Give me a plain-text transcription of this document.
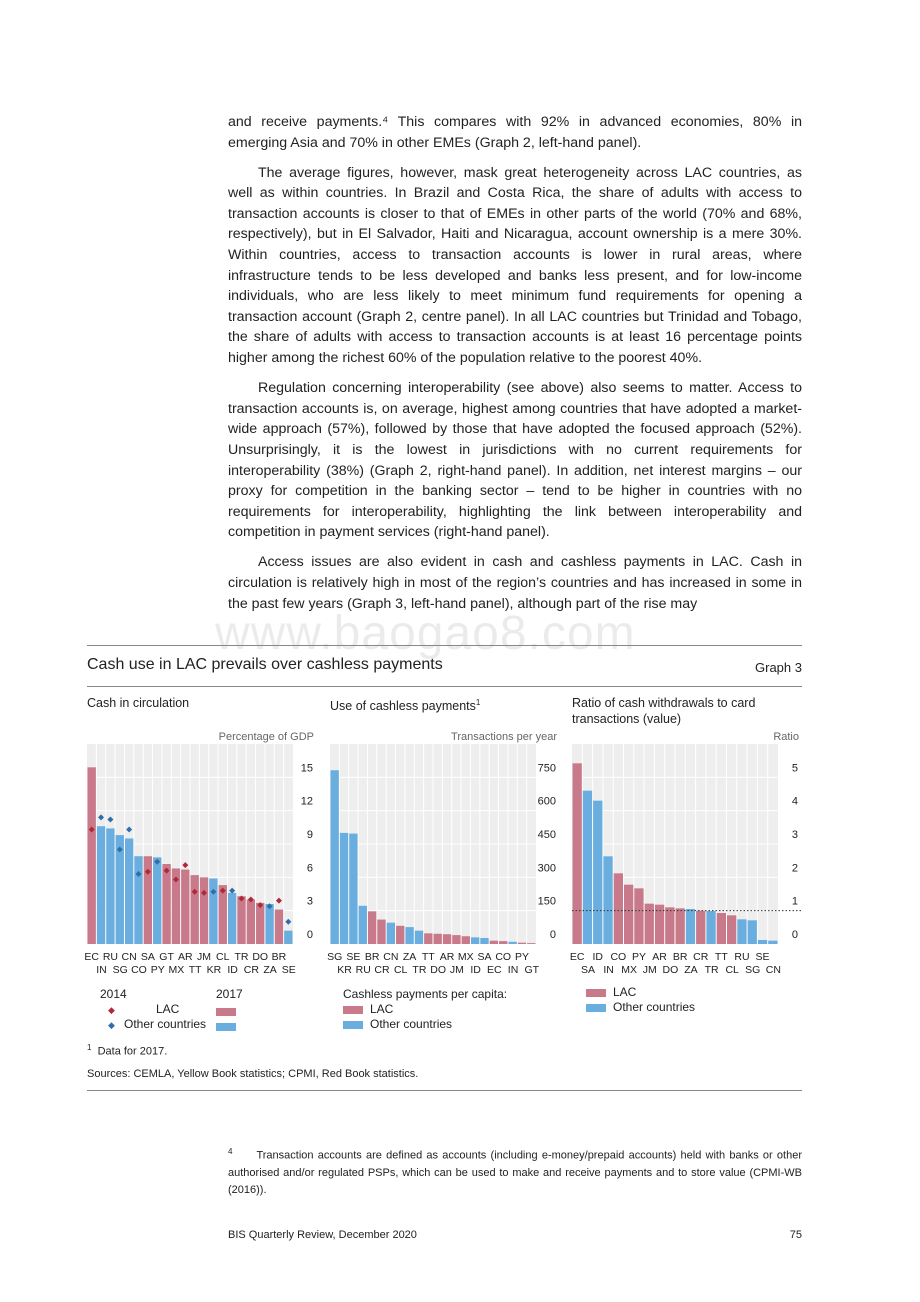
and receive payments.⁴ This compares with 92% in advanced economies, 80% in emerging Asia and 70% in other EMEs (Graph 2, left-hand panel).

The average figures, however, mask great heterogeneity across LAC countries, as well as within countries. In Brazil and Costa Rica, the share of adults with access to transaction accounts is closer to that of EMEs in other parts of the world (70% and 68%, respectively), but in El Salvador, Haiti and Nicaragua, account ownership is a mere 30%. Within countries, access to transaction accounts is lower in rural areas, where infrastructure tends to be less developed and banks less present, and for low-income individuals, who are less likely to meet minimum fund requirements for opening a transaction account (Graph 2, centre panel). In all LAC countries but Trinidad and Tobago, the share of adults with access to transaction accounts is at least 16 percentage points higher among the richest 60% of the population relative to the poorest 40%.

Regulation concerning interoperability (see above) also seems to matter. Access to transaction accounts is, on average, highest among countries that have adopted a market-wide approach (57%), followed by those that have adopted the focused approach (52%). Unsurprisingly, it is the lowest in jurisdictions with no current requirements for interoperability (38%) (Graph 2, right-hand panel). In addition, net interest margins – our proxy for competition in the banking sector – tend to be higher in countries with no requirements for interoperability, highlighting the link between interoperability and competition in payment services (right-hand panel).

Access issues are also evident in cash and cashless payments in LAC. Cash in circulation is relatively high in most of the region’s countries and has increased in some in the past few years (Graph 3, left-hand panel), although part of the rise may

www.baogao8.com
Cash use in LAC prevails over cashless payments	Graph 3
Cash in circulation	Use of cashless payments$^1$	Ratio of cash withdrawals to card transactions (value)
Percentage of GDP	Transactions per year	Ratio
0
3
6
9
12
15
EC
IN
RU
SG
CN
CO
SA
PY
GT
MX
AR
TT
JM
KR
CL
ID
TR
CR
DO
ZA
BR
SE
0
150
300
450
600
750
SG
KR
SE
RU
BR
CR
CN
CL
ZA
TR
TT
DO
AR
JM
MX
ID
SA
EC
CO
IN
PY
GT
0
1
2
3
4
5
EC
SA
ID
IN
CO
MX
PY
JM
AR
DO
BR
ZA
CR
TR
TT
CL
RU
SG
SE
CN
2014	2017
◆	LAC
◆ Other countries
Cashless payments per capita:
LAC
Other countries
LAC
Other countries
$^1$ Data for 2017.
Sources: CEMLA, Yellow Book statistics; CPMI, Red Book statistics.
$^4$ Transaction accounts are defined as accounts (including e-money/prepaid accounts) held with banks or other authorised and/or regulated PSPs, which can be used to make and receive payments and to store value (CPMI-WB (2016)).
BIS Quarterly Review, December 2020	75
